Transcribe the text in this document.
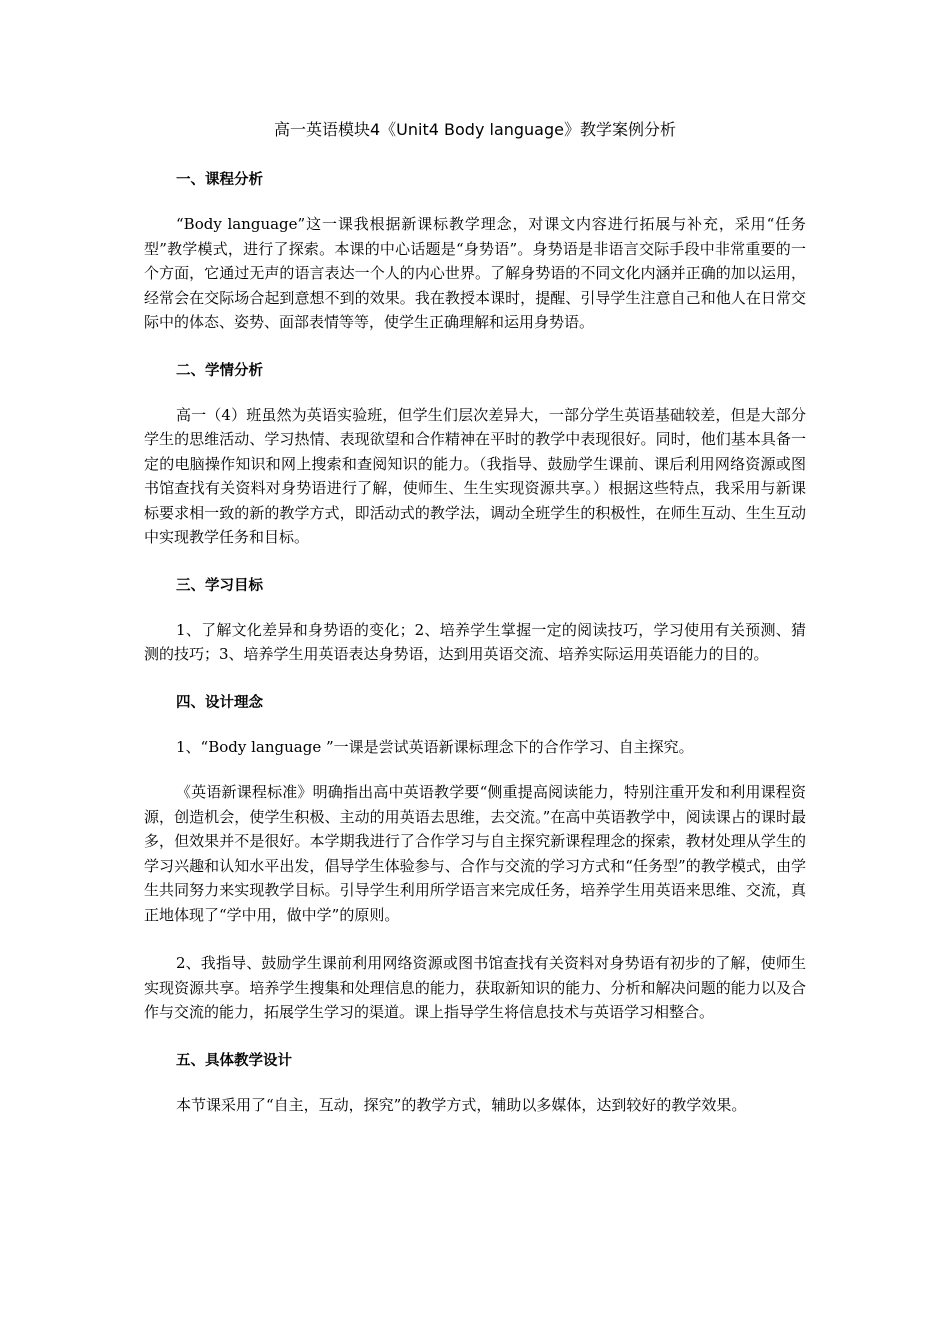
高一英语模块4《Unit4 Body language》教学案例分析
一、课程分析

“Body language”这一课我根据新课标教学理念，对课文内容进行拓展与补充，采用“任务型”教学模式，进行了探索。本课的中心话题是“身势语”。身势语是非语言交际手段中非常重要的一个方面，它通过无声的语言表达一个人的内心世界。了解身势语的不同文化内涵并正确的加以运用，经常会在交际场合起到意想不到的效果。我在教授本课时，提醒、引导学生注意自己和他人在日常交际中的体态、姿势、面部表情等等，使学生正确理解和运用身势语。

二、学情分析

高一（4）班虽然为英语实验班，但学生们层次差异大，一部分学生英语基础较差，但是大部分学生的思维活动、学习热情、表现欲望和合作精神在平时的教学中表现很好。同时，他们基本具备一定的电脑操作知识和网上搜索和查阅知识的能力。（我指导、鼓励学生课前、课后利用网络资源或图书馆查找有关资料对身势语进行了解，使师生、生生实现资源共享。）根据这些特点，我采用与新课标要求相一致的新的教学方式，即活动式的教学法，调动全班学生的积极性，在师生互动、生生互动中实现教学任务和目标。

三、学习目标

1、了解文化差异和身势语的变化；2、培养学生掌握一定的阅读技巧，学习使用有关预测、猜测的技巧；3、培养学生用英语表达身势语，达到用英语交流、培养实际运用英语能力的目的。

四、设计理念

1、“Body language ”一课是尝试英语新课标理念下的合作学习、自主探究。

《英语新课程标准》明确指出高中英语教学要“侧重提高阅读能力，特别注重开发和利用课程资源，创造机会，使学生积极、主动的用英语去思维，去交流。”在高中英语教学中，阅读课占的课时最多，但效果并不是很好。本学期我进行了合作学习与自主探究新课程理念的探索，教材处理从学生的学习兴趣和认知水平出发，倡导学生体验参与、合作与交流的学习方式和“任务型”的教学模式，由学生共同努力来实现教学目标。引导学生利用所学语言来完成任务，培养学生用英语来思维、交流，真正地体现了“学中用，做中学”的原则。

2、我指导、鼓励学生课前利用网络资源或图书馆查找有关资料对身势语有初步的了解，使师生实现资源共享。培养学生搜集和处理信息的能力，获取新知识的能力、分析和解决问题的能力以及合作与交流的能力，拓展学生学习的渠道。课上指导学生将信息技术与英语学习相整合。

五、具体教学设计

本节课采用了“自主，互动，探究”的教学方式，辅助以多媒体，达到较好的教学效果。
